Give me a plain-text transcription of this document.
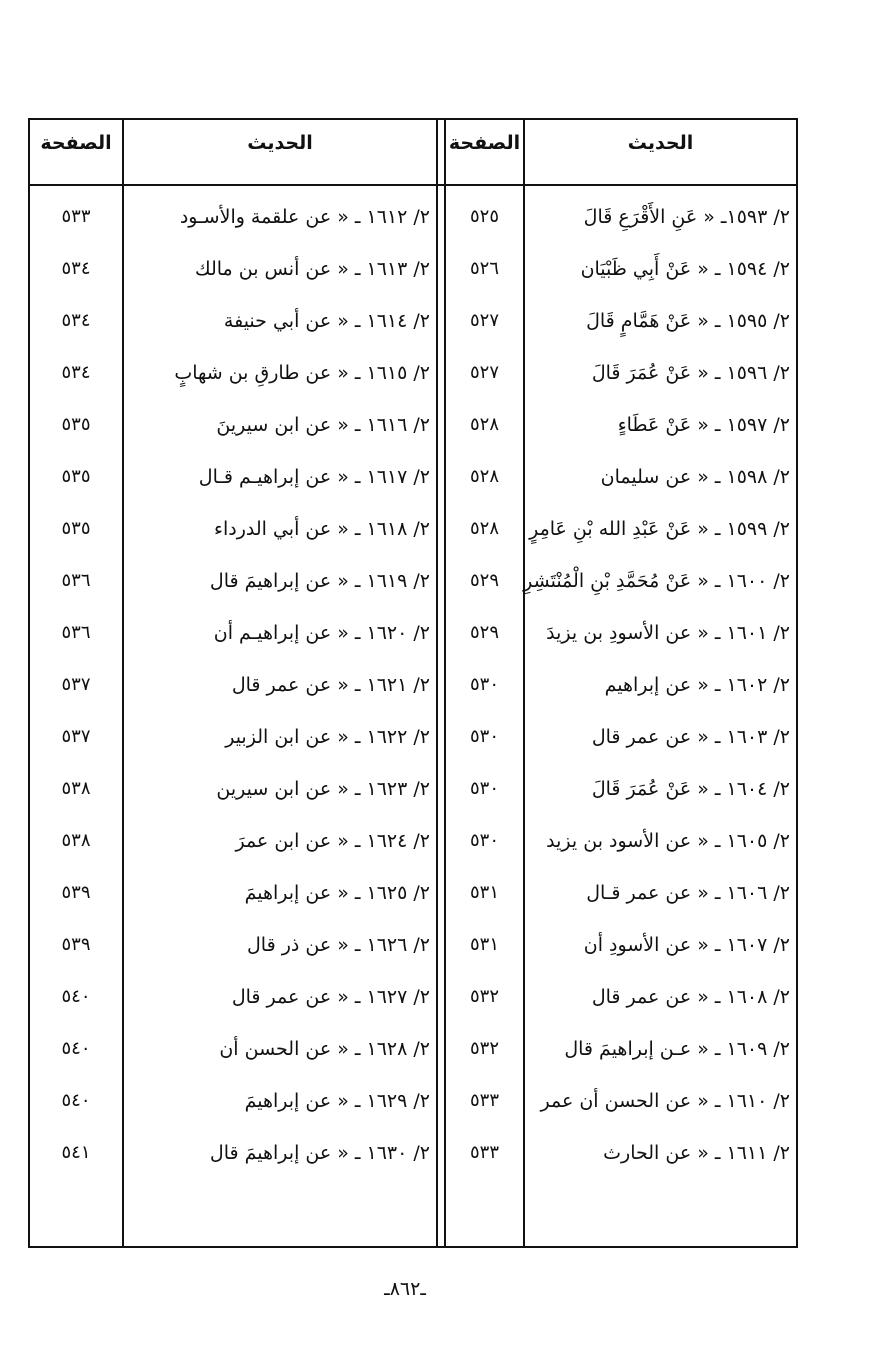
الحديث
الصفحة
الحديث
الصفحة
٢/ ١٥٩٣ـ « عَنِ الأَقْرَعِ قَالَ
٥٢٥
٢/ ١٦١٢ ـ « عن علقمة والأسـود
٥٣٣
٢/ ١٥٩٤ ـ « عَنْ أَبِي ظَبْيَان
٥٢٦
٢/ ١٦١٣ ـ « عن أنس بن مالك
٥٣٤
٢/ ١٥٩٥ ـ « عَنْ هَمَّامٍ قَالَ
٥٢٧
٢/ ١٦١٤ ـ « عن أبي حنيفة
٥٣٤
٢/ ١٥٩٦ ـ « عَنْ عُمَرَ قَالَ
٥٢٧
٢/ ١٦١٥ ـ « عن طارقِ بن شهابٍ
٥٣٤
٢/ ١٥٩٧ ـ « عَنْ عَطَاءٍ
٥٢٨
٢/ ١٦١٦ ـ « عن ابن سيرينَ
٥٣٥
٢/ ١٥٩٨ ـ « عن سليمان
٥٢٨
٢/ ١٦١٧ ـ « عن إبراهيـم قـال
٥٣٥
٢/ ١٥٩٩ ـ « عَنْ عَبْدِ الله بْنِ عَامِرٍ
٥٢٨
٢/ ١٦١٨ ـ « عن أبي الدرداء
٥٣٥
٢/ ١٦٠٠ ـ « عَنْ مُحَمَّدِ بْنِ الْمُنْتَشِرِ
٥٢٩
٢/ ١٦١٩ ـ « عن إبراهيمَ قال
٥٣٦
٢/ ١٦٠١ ـ « عن الأسودِ بن يزيدَ
٥٢٩
٢/ ١٦٢٠ ـ « عن إبراهيـم أن
٥٣٦
٢/ ١٦٠٢ ـ « عن إبراهيم
٥٣٠
٢/ ١٦٢١ ـ « عن عمر قال
٥٣٧
٢/ ١٦٠٣ ـ « عن عمر قال
٥٣٠
٢/ ١٦٢٢ ـ « عن ابن الزبير
٥٣٧
٢/ ١٦٠٤ ـ « عَنْ عُمَرَ قَالَ
٥٣٠
٢/ ١٦٢٣ ـ « عن ابن سيرين
٥٣٨
٢/ ١٦٠٥ ـ « عن الأسود بن يزيد
٥٣٠
٢/ ١٦٢٤ ـ « عن ابن عمرَ
٥٣٨
٢/ ١٦٠٦ ـ « عن عمر قـال
٥٣١
٢/ ١٦٢٥ ـ « عن إبراهيمَ
٥٣٩
٢/ ١٦٠٧ ـ « عن الأسودِ أن
٥٣١
٢/ ١٦٢٦ ـ « عن ذر قال
٥٣٩
٢/ ١٦٠٨ ـ « عن عمر قال
٥٣٢
٢/ ١٦٢٧ ـ « عن عمر قال
٥٤٠
٢/ ١٦٠٩ ـ « عـن إبراهيمَ قال
٥٣٢
٢/ ١٦٢٨ ـ « عن الحسن أن
٥٤٠
٢/ ١٦١٠ ـ « عن الحسن أن عمر
٥٣٣
٢/ ١٦٢٩ ـ « عن إبراهيمَ
٥٤٠
٢/ ١٦١١ ـ « عن الحارث
٥٣٣
٢/ ١٦٣٠ ـ « عن إبراهيمَ قال
٥٤١
ـ٨٦٢ـ
